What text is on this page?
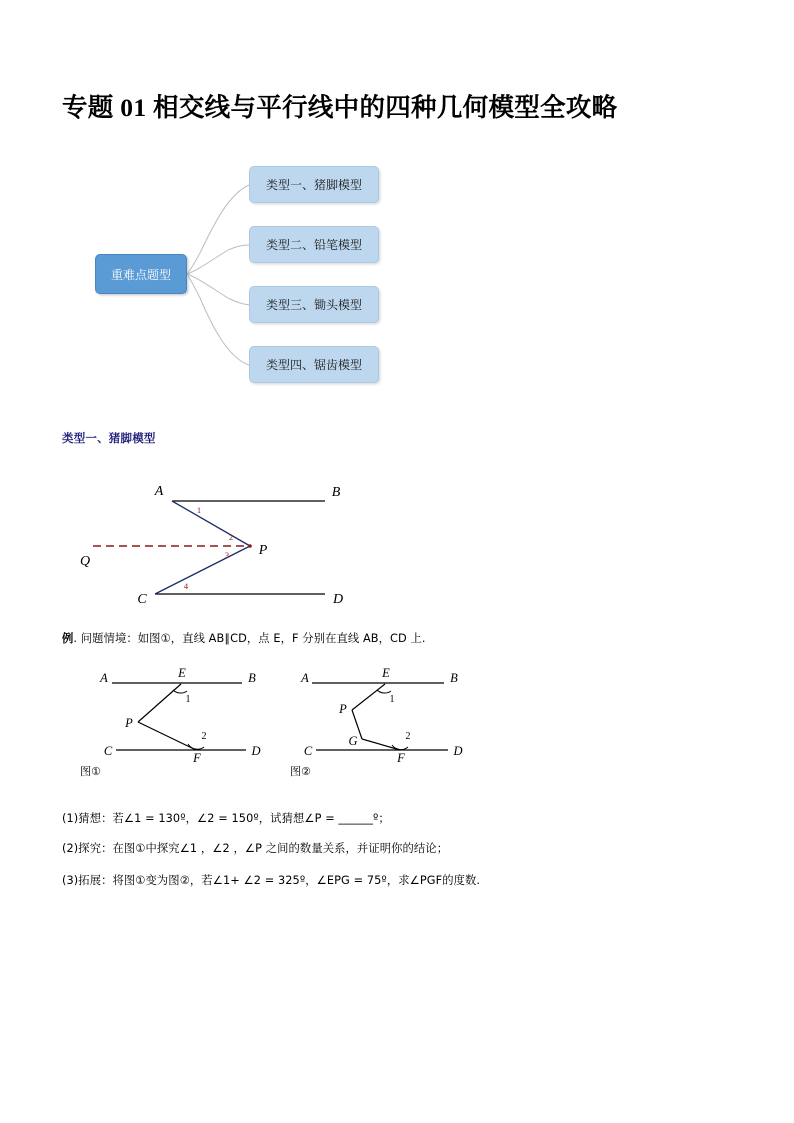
专题 01 相交线与平行线中的四种几何模型全攻略
重难点题型
类型一、猪脚模型
类型二、铅笔模型
类型三、锄头模型
类型四、锯齿模型
类型一、猪脚模型
A	B
C	D
P
Q
1
2
3
4
例. 问题情境：如图①，直线 AB∥CD，点 E，F 分别在直线 AB，CD 上.
A	B
C	D
E
F
P
1
2
图①
A	B
C	D
E
F
P
G
1
2
图②
(1)猜想：若∠1 = 130º，∠2 = 150º，试猜想∠P = ______º；
(2)探究：在图①中探究∠1 ，∠2 ，∠P 之间的数量关系，并证明你的结论；
(3)拓展：将图①变为图②，若∠1+ ∠2 = 325º，∠EPG = 75º，求∠PGF的度数.
